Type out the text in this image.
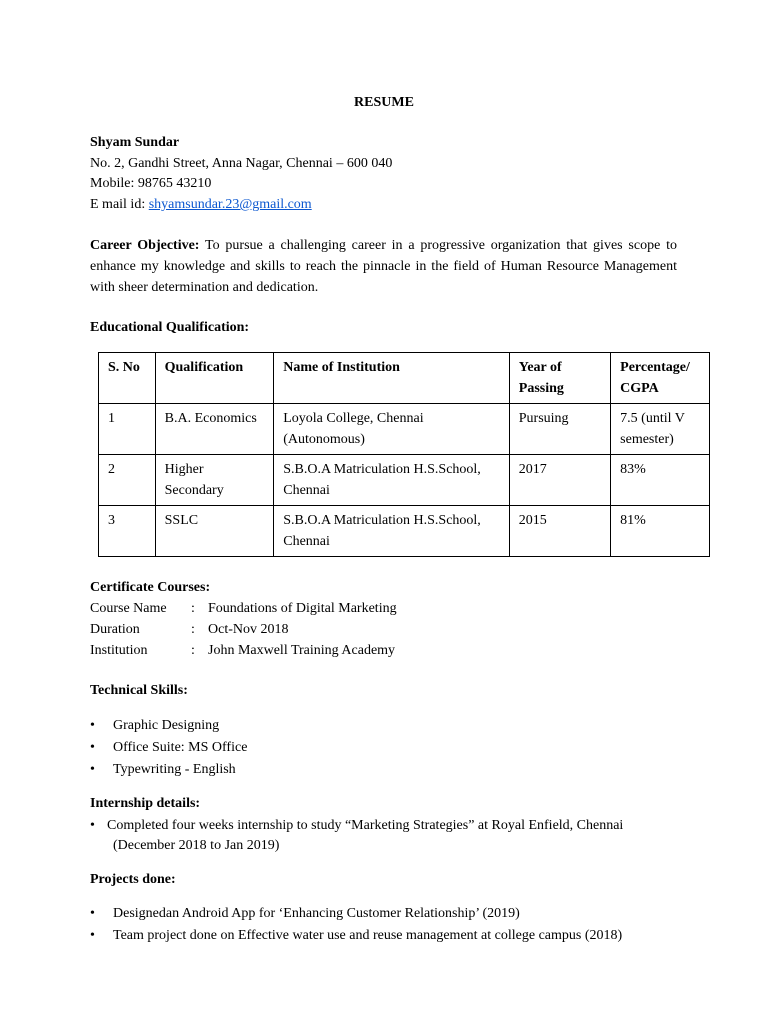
RESUME
Shyam Sundar
No. 2, Gandhi Street, Anna Nagar, Chennai – 600 040
Mobile: 98765 43210
E mail id: shyamsundar.23@gmail.com
Career Objective: To pursue a challenging career in a progressive organization that gives scope to enhance my knowledge and skills to reach the pinnacle in the field of Human Resource Management with sheer determination and dedication.
Educational Qualification:
S. No	Qualification	Name of Institution	Year of Passing	Percentage/ CGPA
1	B.A. Economics	Loyola College, Chennai (Autonomous)	Pursuing	7.5 (until V semester)
2	Higher Secondary	S.B.O.A Matriculation H.S.School, Chennai	2017	83%
3	SSLC	S.B.O.A Matriculation H.S.School, Chennai	2015	81%
Certificate Courses:
Course Name : Foundations of Digital Marketing
Duration	: Oct-Nov 2018
Institution	: John Maxwell Training Academy
Technical Skills:
• Graphic Designing
• Office Suite: MS Office
• Typewriting - English
Internship details:
• Completed four weeks internship to study “Marketing Strategies” at Royal Enfield, Chennai
(December 2018 to Jan 2019)
Projects done:
• Designedan Android App for ‘Enhancing Customer Relationship’ (2019)
• Team project done on Effective water use and reuse management at college campus (2018)
